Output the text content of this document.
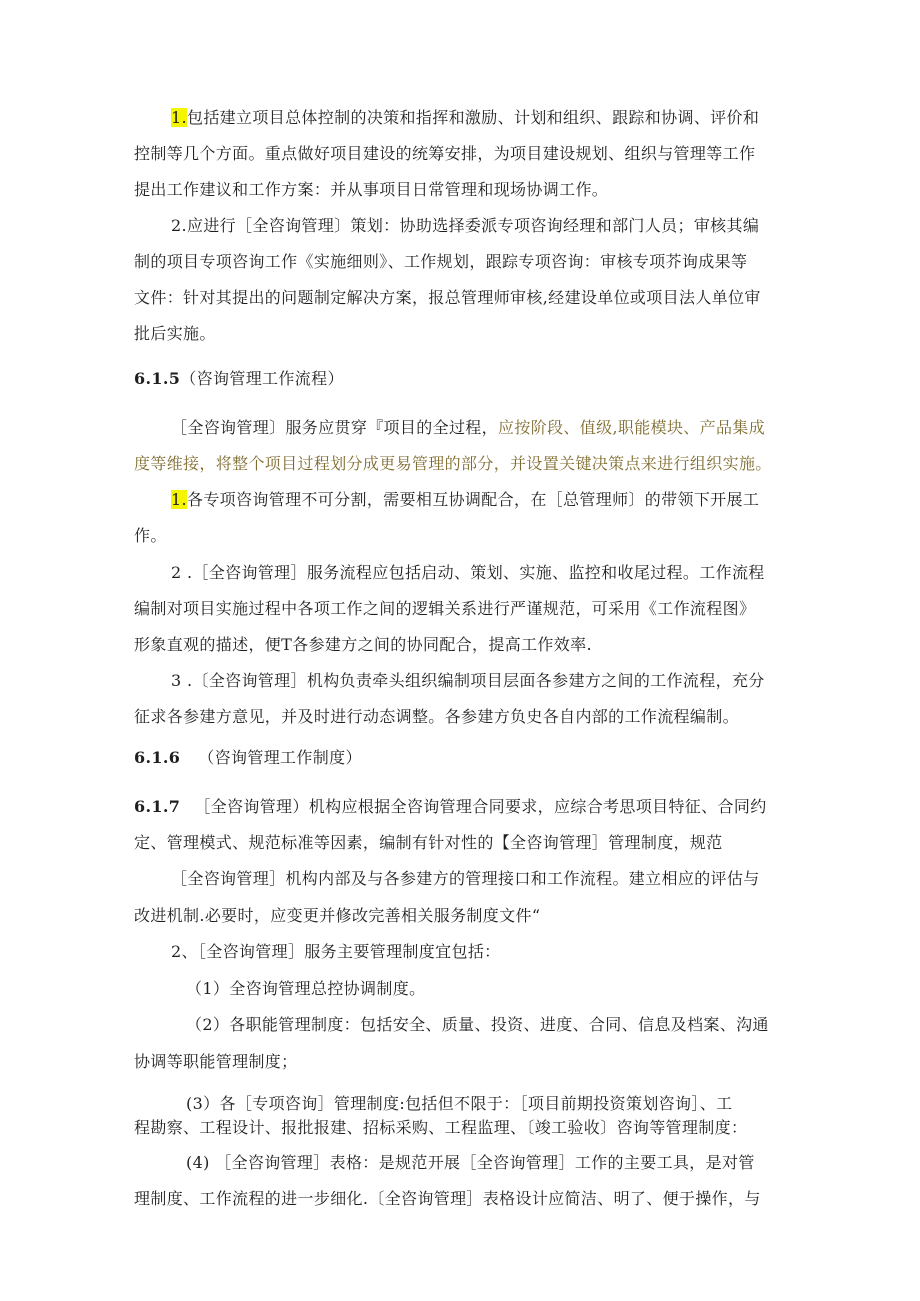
1.包括建立项目总体控制的决策和指挥和激励、计划和组织、跟踪和协调、评价和
控制等几个方面。重点做好项目建设的统筹安排，为项目建设规划、组织与管理等工作
提出工作建议和工作方案：并从事项目日常管理和现场协调工作。
2.应进行［全咨询管理〕策划：协助选择委派专项咨询经理和部门人员；审核其编
制的项目专项咨询工作《实施细则》、工作规划，跟踪专项咨询：审核专项芥询成果等
文件：针对其提出的问题制定解决方案，报总管理师审核,经建设单位或项目法人单位审
批后实施。
6.1.5（咨询管理工作流程）
［全咨询管理〕服务应贯穿『项目的全过程，应按阶段、值级,职能模块、产品集成
度等维接，将整个项目过程划分成更易管理的部分，并设置关键决策点来进行组织实施。
1.各专项咨询管理不可分割，需要相互协调配合，在［总管理师〕的带领下开展工
作。
2 .［全咨询管理］服务流程应包括启动、策划、实施、监控和收尾过程。工作流程
编制对项目实施过程中各项工作之间的逻辑关系进行严谨规范，可采用《工作流程图》
形象直观的描述，便T各参建方之间的协同配合，提高工作效率.
3 .〔全咨询管理］机构负责牵头组织编制项目层面各参建方之间的工作流程，充分
征求各参建方意见，并及时进行动态调整。各参建方负史各自内部的工作流程编制。
6.1.6 （咨询管理工作制度）
6.1.7 ［全咨询管理）机构应根据全咨询管理合同要求，应综合考思项目特征、合同约
定、管理模式、规范标准等因素，编制有针对性的【全咨询管理］管理制度，规范
［全咨询管理］机构内部及与各参建方的管理接口和工作流程。建立相应的评估与
改进机制.必要时，应变更并修改完善相关服务制度文件“
2、［全咨询管理］服务主要管理制度宜包括：
（1）全咨询管理总控协调制度。
（2）各职能管理制度：包括安全、质量、投资、进度、合同、信息及档案、沟通
协调等职能管理制度；
(3）各［专项咨询］管理制度:包括但不限于：［项目前期投资策划咨询］、工
程勘察、工程设计、报批报建、招标采购、工程监理、〔竣工验收〕咨询等管理制度：
(4) ［全咨询管理］表格：是规范开展［全咨询管理］工作的主要工具，是对管
理制度、工作流程的进一步细化.〔全咨询管理］表格设计应简洁、明了、便于操作，与
